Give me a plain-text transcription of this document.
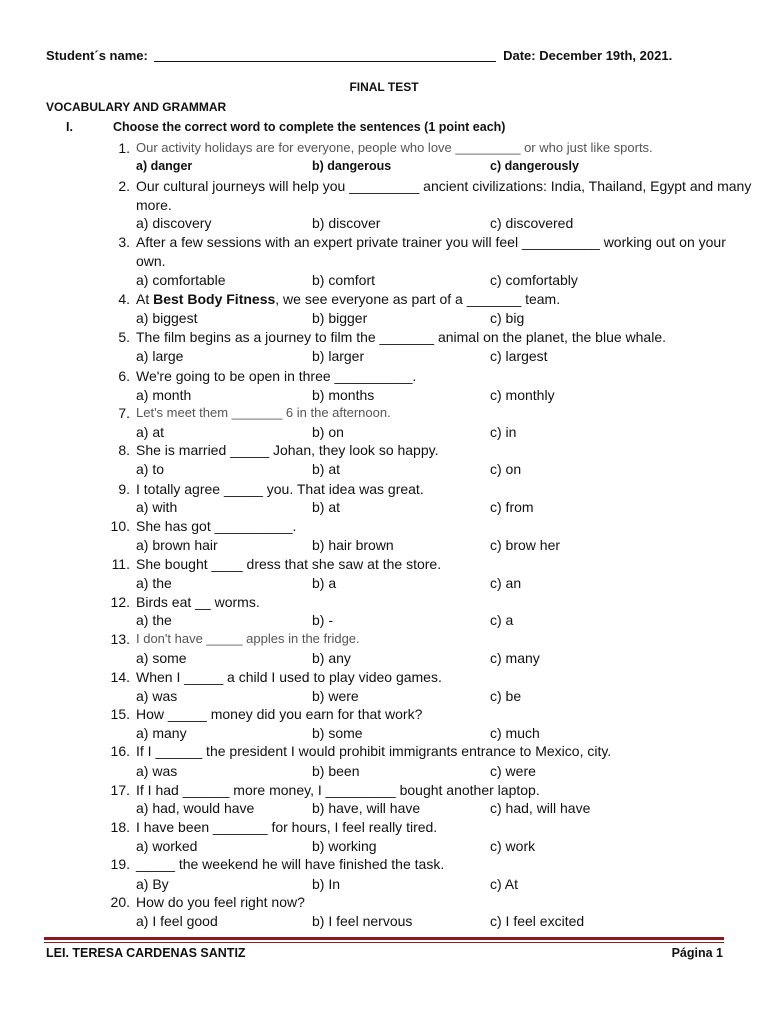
Student´s name:	Date: December 19th, 2021.
FINAL TEST
VOCABULARY AND GRAMMAR
I.	Choose the correct word to complete the sentences (1 point each)
1. Our activity holidays are for everyone, people who love _________ or who just like sports.
a) danger	b) dangerous	c) dangerously
2. Our cultural journeys will help you _________ ancient civilizations: India, Thailand, Egypt and many
more.
a) discovery	b) discover	c) discovered
3. After a few sessions with an expert private trainer you will feel __________ working out on your
own.
a) comfortable	b) comfort	c) comfortably
4. At Best Body Fitness, we see everyone as part of a _______ team.
a) biggest	b) bigger	c) big
5. The film begins as a journey to film the _______ animal on the planet, the blue whale.
a) large	b) larger	c) largest
6. We're going to be open in three __________.
a) month	b) months	c) monthly
7. Let's meet them _______ 6 in the afternoon.
a) at	b) on	c) in
8. She is married _____ Johan, they look so happy.
a) to	b) at	c) on
9. I totally agree _____ you. That idea was great.
a) with	b) at	c) from
10. She has got __________.
a) brown hair	b) hair brown	c) brow her
11. She bought ____ dress that she saw at the store.
a) the	b) a	c) an
12. Birds eat __ worms.
a) the	b) -	c) a
13. I don't have _____ apples in the fridge.
a) some	b) any	c) many
14. When I _____ a child I used to play video games.
a) was	b) were	c) be
15. How _____ money did you earn for that work?
a) many	b) some	c) much
16. If I ______ the president I would prohibit immigrants entrance to Mexico, city.
a) was	b) been	c) were
17. If I had ______ more money, I _________ bought another laptop.
a) had, would have	b) have, will have	c) had, will have
18. I have been _______ for hours, I feel really tired.
a) worked	b) working	c) work
19. _____ the weekend he will have finished the task.
a) By	b) In	c) At
20. How do you feel right now?
a) I feel good	b) I feel nervous	c) I feel excited
LEI. TERESA CARDENAS SANTIZ	Página 1
